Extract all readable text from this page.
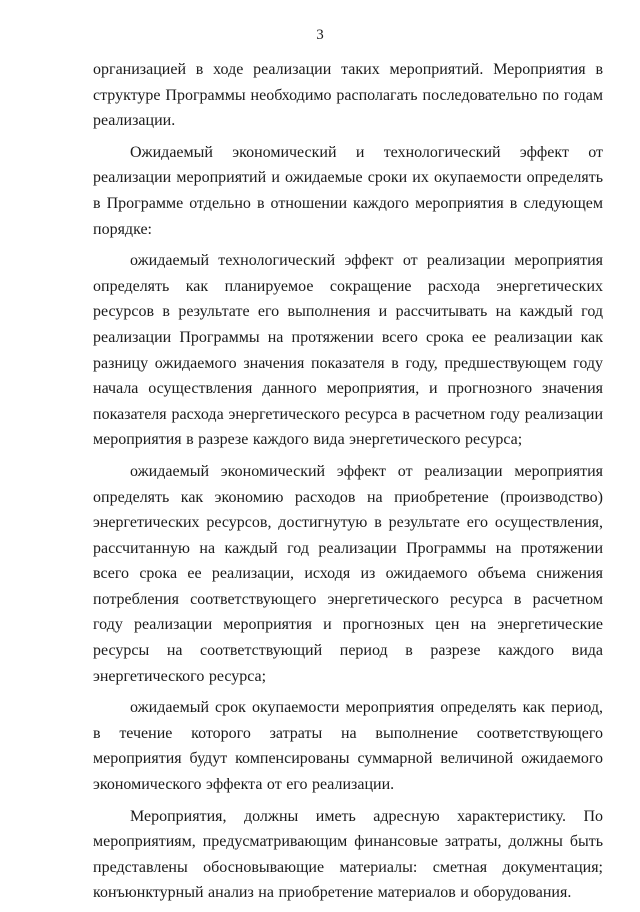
3

организацией в ходе реализации таких мероприятий. Мероприятия в структуре Программы необходимо располагать последовательно по годам реализации.

Ожидаемый экономический и технологический эффект от реализации мероприятий и ожидаемые сроки их окупаемости определять в Программе отдельно в отношении каждого мероприятия в следующем порядке:

ожидаемый технологический эффект от реализации мероприятия определять как планируемое сокращение расхода энергетических ресурсов в результате его выполнения и рассчитывать на каждый год реализации Программы на протяжении всего срока ее реализации как разницу ожидаемого значения показателя в году, предшествующем году начала осуществления данного мероприятия, и прогнозного значения показателя расхода энергетического ресурса в расчетном году реализации мероприятия в разрезе каждого вида энергетического ресурса;

ожидаемый экономический эффект от реализации мероприятия определять как экономию расходов на приобретение (производство) энергетических ресурсов, достигнутую в результате его осуществления, рассчитанную на каждый год реализации Программы на протяжении всего срока ее реализации, исходя из ожидаемого объема снижения потребления соответствующего энергетического ресурса в расчетном году реализации мероприятия и прогнозных цен на энергетические ресурсы на соответствующий период в разрезе каждого вида энергетического ресурса;

ожидаемый срок окупаемости мероприятия определять как период, в течение которого затраты на выполнение соответствующего мероприятия будут компенсированы суммарной величиной ожидаемого экономического эффекта от его реализации.

Мероприятия, должны иметь адресную характеристику. По мероприятиям, предусматривающим финансовые затраты, должны быть представлены обосновывающие материалы: сметная документация; конъюнктурный анализ на приобретение материалов и оборудования.
